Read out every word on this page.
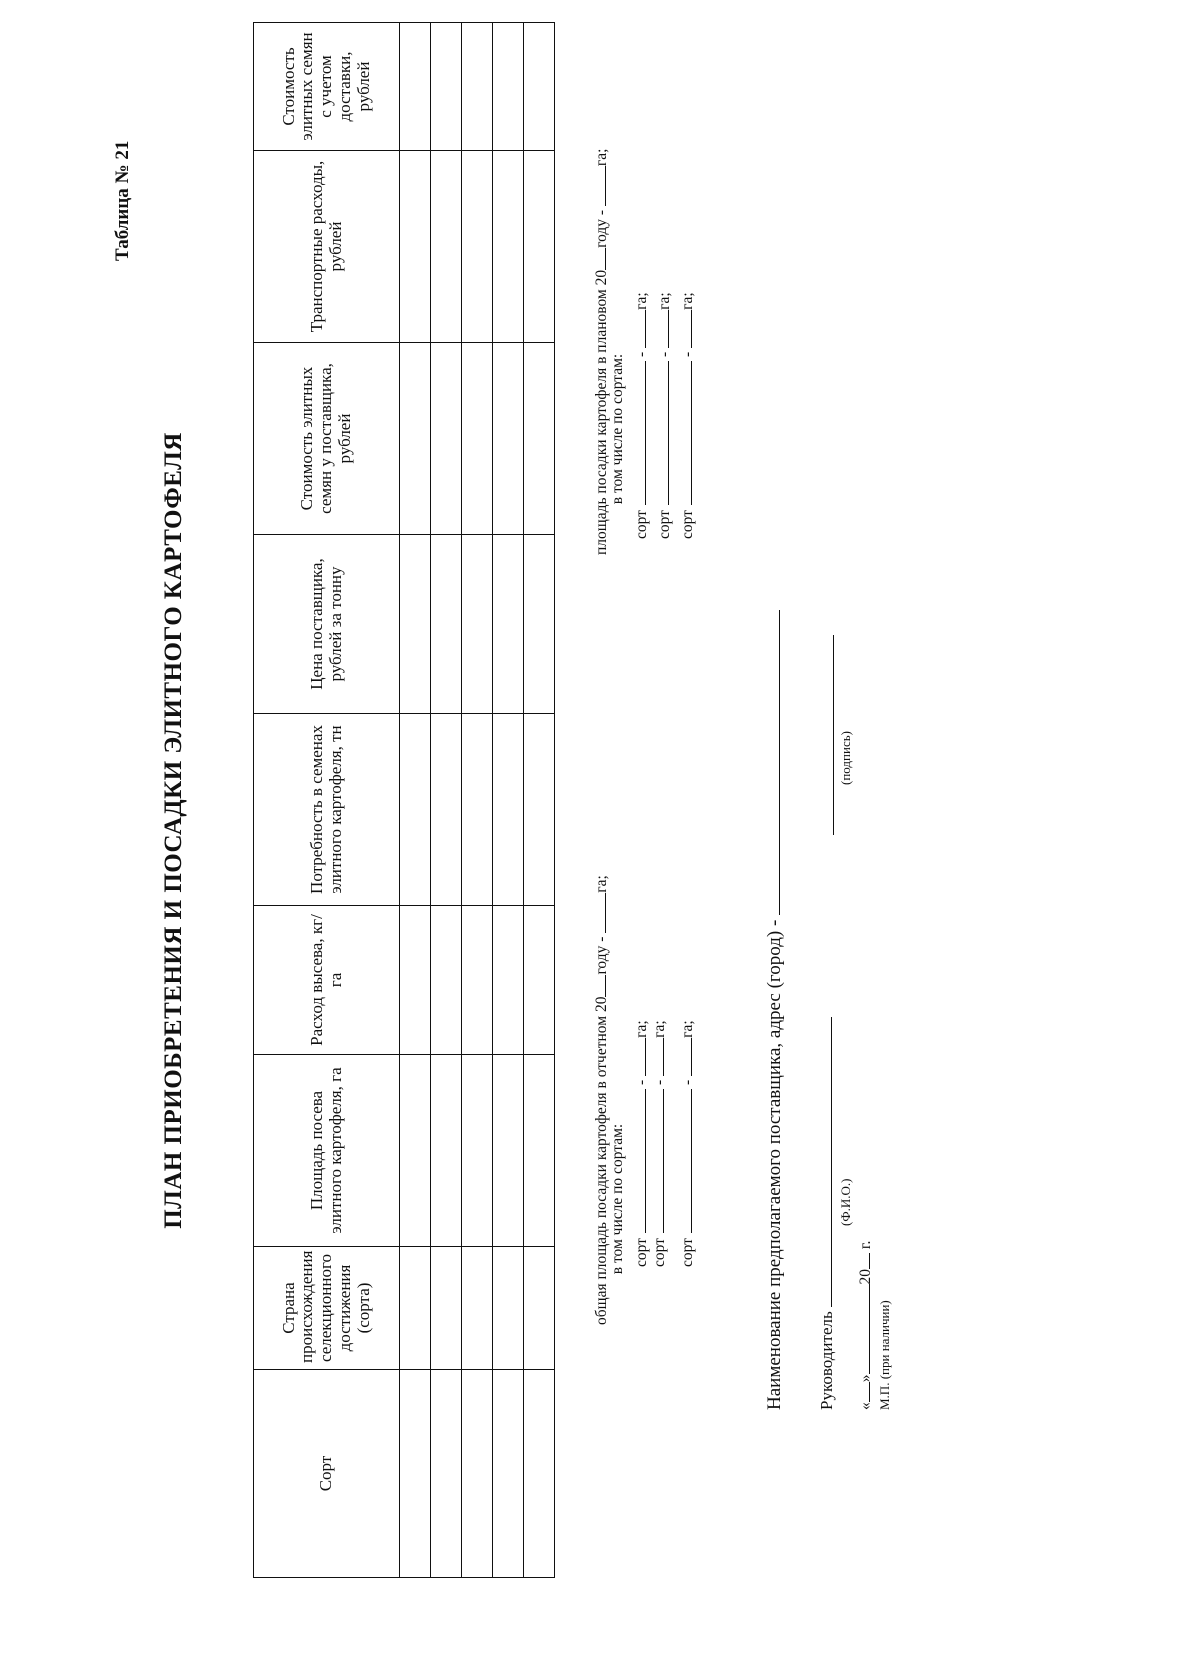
Таблица № 21
ПЛАН ПРИОБРЕТЕНИЯ И ПОСАДКИ ЭЛИТНОГО КАРТОФЕЛЯ
Сорт	Страна происхождения селекционного достижения (сорта)	Площадь посева элитного картофеля, га	Расход высева, кг/га	Потребность в семенах элитного картофеля, тн	Цена поставщика, рублей за тонну	Стоимость элитных семян у поставщика, рублей	Транспортные расходы, рублей	Стоимость элитных семян с учетом доставки, рублей

общая площадь посадки картофеля в отчетном 20году - га;
в том числе по сортам: сорт-га;
сорт-га;
сорт-га;
площадь посадки картофеля в плановом 20году - га;
в том числе по сортам:
сорт-га;
сорт-га;
сорт-га;
Наименование предполагаемого поставщика, адрес (город) - Руководитель
(Ф.И.О.)
(подпись)
«»20 г.
М.П. (при наличии)
